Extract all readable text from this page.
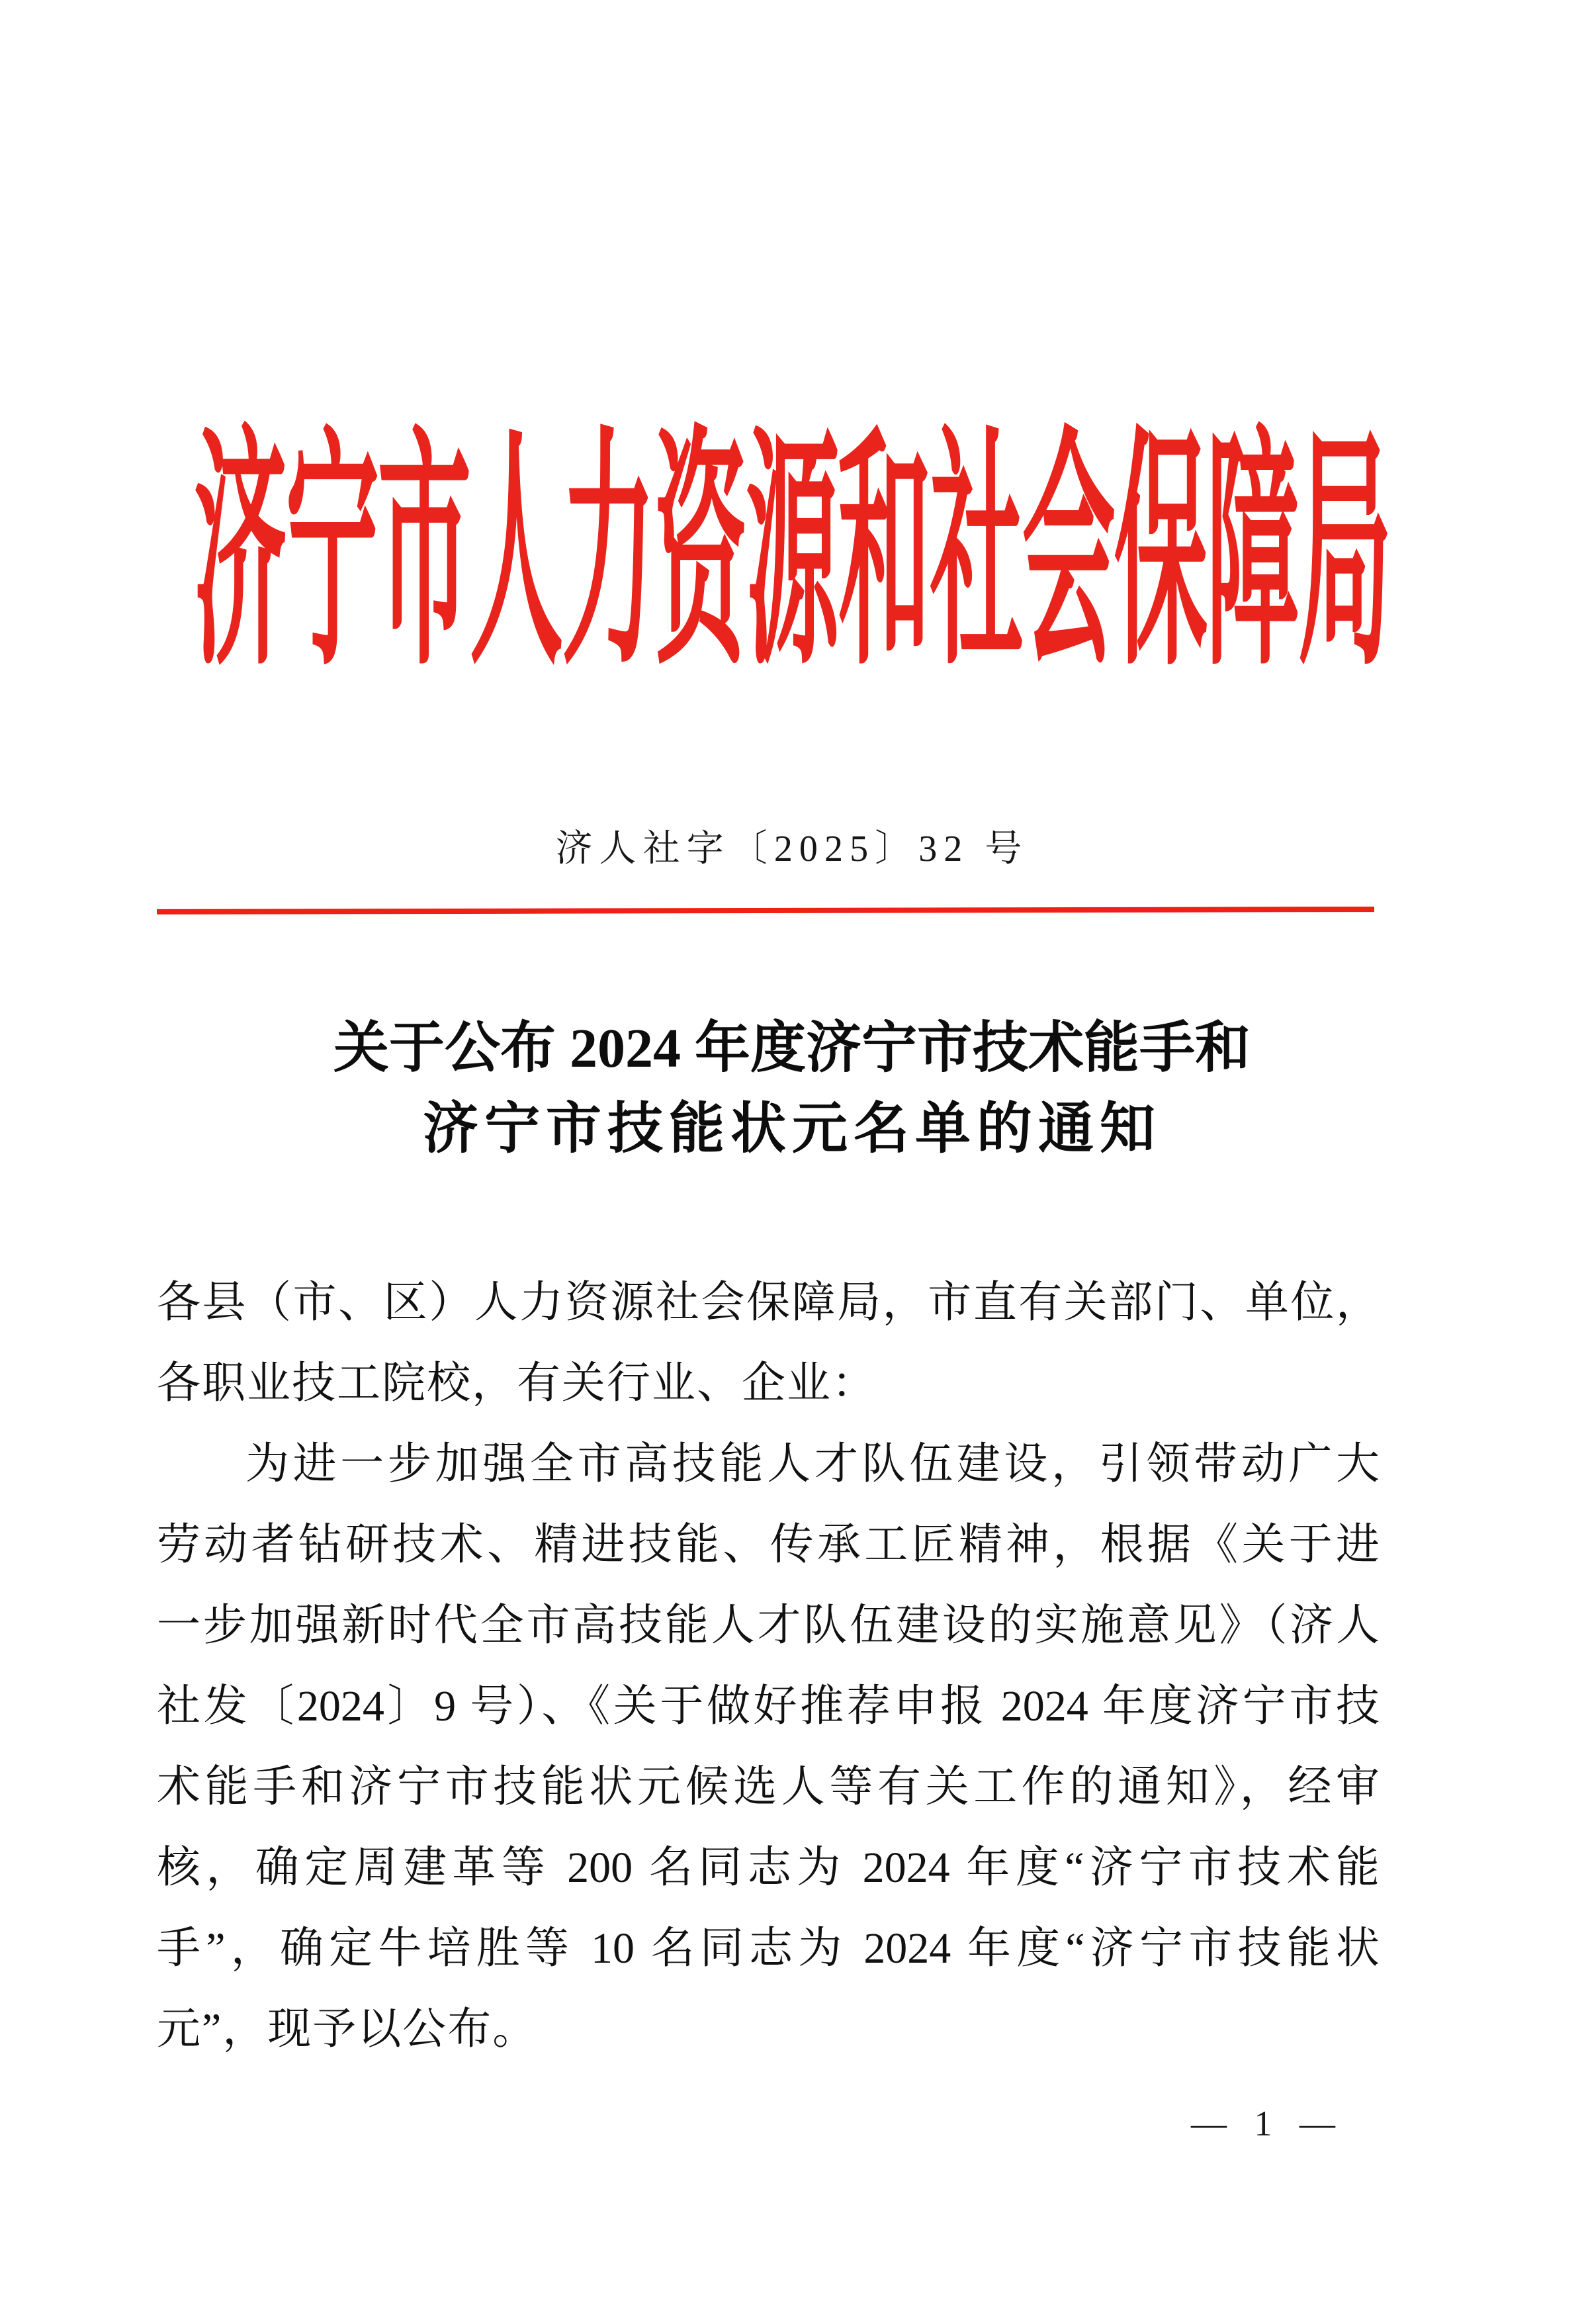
济宁市人力资源和社会保障局
济人社字〔2025〕32 号
关于公布 2024 年度济宁市技术能手和
济宁市技能状元名单的通知
各县（市、区）人力资源社会保障局，市直有关部门、单位，
各职业技工院校，有关行业、企业：
为进一步加强全市高技能人才队伍建设，引领带动广大
劳动者钻研技术、精进技能、传承工匠精神，根据《关于进
一步加强新时代全市高技能人才队伍建设的实施意见》（济人
社发〔2024〕9 号）、《关于做好推荐申报 2024 年度济宁市技
术能手和济宁市技能状元候选人等有关工作的通知》，经审
核，确定周建革等 200 名同志为 2024 年度“济宁市技术能
手”，确定牛培胜等 10 名同志为 2024 年度“济宁市技能状
元”，现予以公布。
— 1 —
